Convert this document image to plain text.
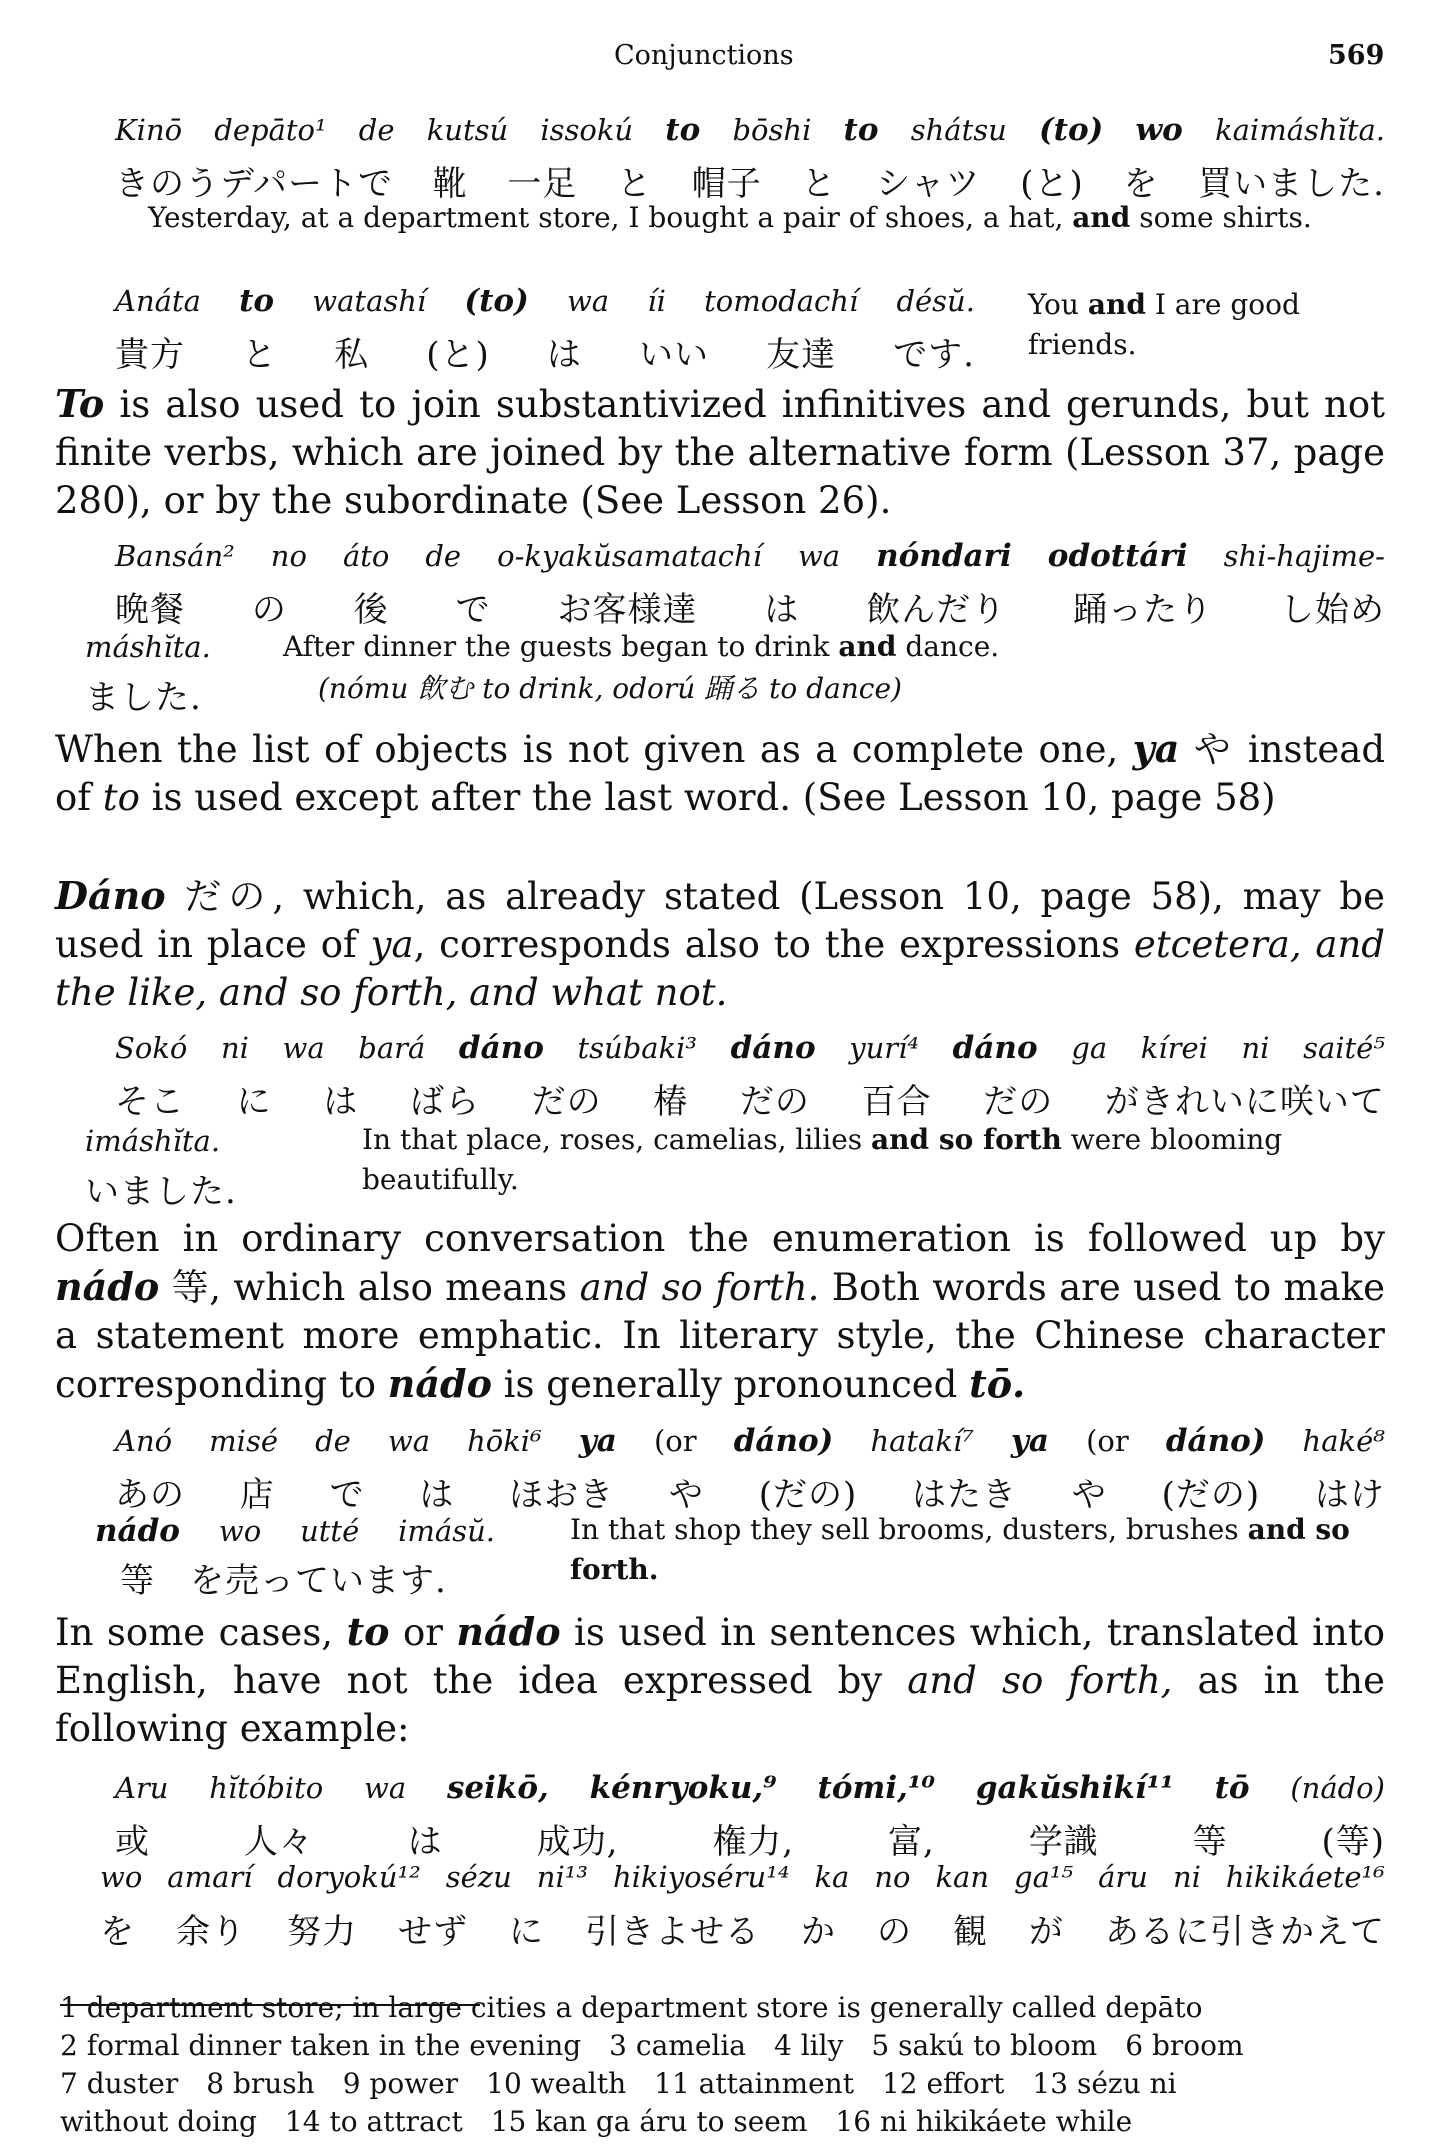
Conjunctions	569
Kinō depāto¹ de kutsú issokú to bōshi to shátsu (to) wo kaimáshĭta.
きのうデパートで 靴 一足 と 帽子 と シャツ (と) を 買いました.
Yesterday, at a department store, I bought a pair of shoes, a hat, and some shirts.
Anáta to watashí (to) wa íi tomodachí désŭ.
貴方 と 私 (と) は いい 友達 です.
You and I are good friends.
To is also used to join substantivized infinitives and gerunds, but not finite verbs, which are joined by the alternative form (Lesson 37, page 280), or by the subordinate (See Lesson 26).
Bansán² no áto de o-kyakŭsamatachí wa nóndari odottári shi-hajime-
晩餐 の 後 で お客様達 は 飲んだり 踊ったり し始め
máshĭta.
ました.
After dinner the guests began to drink and dance.
(nómu 飲む to drink, odorú 踊る to dance)
When the list of objects is not given as a complete one, ya や instead of to is used except after the last word. (See Lesson 10, page 58)
Dáno だの, which, as already stated (Lesson 10, page 58), may be used in place of ya, corresponds also to the expressions etcetera, and the like, and so forth, and what not.
Sokó ni wa bará dáno tsúbaki³ dáno yurí⁴ dáno ga kírei ni saité⁵
そこ に は ばら だの 椿 だの 百合 だの がきれいに咲いて
imáshĭta.
いました.
In that place, roses, camelias, lilies and so forth were blooming beautifully.
Often in ordinary conversation the enumeration is followed up by nádo 等, which also means and so forth. Both words are used to make a statement more emphatic. In literary style, the Chinese character corresponding to nádo is generally pronounced tō.
Anó misé de wa hōki⁶ ya (or dáno) hatakí⁷ ya (or dáno) haké⁸
あの 店 で は ほおき や (だの) はたき や (だの) はけ
nádo wo utté imásŭ.
等　を売っています.
In that shop they sell brooms, dusters, brushes and so forth.
In some cases, to or nádo is used in sentences which, translated into English, have not the idea expressed by and so forth, as in the following example:
Aru hĭtóbito wa seikō, kénryoku,⁹ tómi,¹⁰ gakŭshikí¹¹ tō (nádo)
或	人々	は	成功,	権力,	富,	学識	等	(等)
wo amarí doryokú¹² sézu ni¹³ hikiyoséru¹⁴ ka no kan ga¹⁵ áru ni hikikáete¹⁶
を 余り 努力 せず に 引きよせる か の 観 が あるに引きかえて
1 department store; in large cities a department store is generally called depāto
2 formal dinner taken in the evening　3 camelia　4 lily　5 sakú to bloom　6 broom
7 duster　8 brush　9 power　10 wealth　11 attainment　12 effort　13 sézu ni
without doing　14 to attract　15 kan ga áru to seem　16 ni hikikáete while
